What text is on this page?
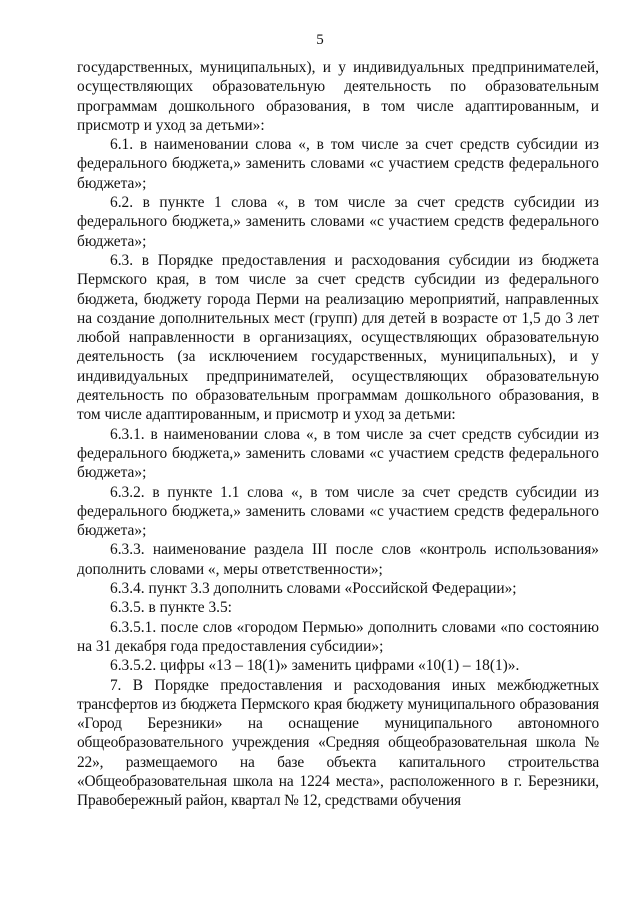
5

государственных, муниципальных), и у индивидуальных предпринимателей, осуществляющих образовательную деятельность по образовательным программам дошкольного образования, в том числе адаптированным, и присмотр и уход за детьми»:

6.1. в наименовании слова «, в том числе за счет средств субсидии из федерального бюджета,» заменить словами «с участием средств федерального бюджета»;

6.2. в пункте 1 слова «, в том числе за счет средств субсидии из федерального бюджета,» заменить словами «с участием средств федерального бюджета»;

6.3. в Порядке предоставления и расходования субсидии из бюджета Пермского края, в том числе за счет средств субсидии из федерального бюджета, бюджету города Перми на реализацию мероприятий, направленных на создание дополнительных мест (групп) для детей в возрасте от 1,5 до 3 лет любой направленности в организациях, осуществляющих образовательную деятельность (за исключением государственных, муниципальных), и у индивидуальных предпринимателей, осуществляющих образовательную деятельность по образовательным программам дошкольного образования, в том числе адаптированным, и присмотр и уход за детьми:

6.3.1. в наименовании слова «, в том числе за счет средств субсидии из федерального бюджета,» заменить словами «с участием средств федерального бюджета»;

6.3.2. в пункте 1.1 слова «, в том числе за счет средств субсидии из федерального бюджета,» заменить словами «с участием средств федерального бюджета»;

6.3.3. наименование раздела III после слов «контроль использования» дополнить словами «, меры ответственности»;

6.3.4. пункт 3.3 дополнить словами «Российской Федерации»;

6.3.5. в пункте 3.5:

6.3.5.1. после слов «городом Пермью» дополнить словами «по состоянию на 31 декабря года предоставления субсидии»;

6.3.5.2. цифры «13 – 18(1)» заменить цифрами «10(1) – 18(1)».

7. В Порядке предоставления и расходования иных межбюджетных трансфертов из бюджета Пермского края бюджету муниципального образования «Город Березники» на оснащение муниципального автономного общеобразовательного учреждения «Средняя общеобразовательная школа № 22», размещаемого на базе объекта капитального строительства «Общеобразовательная школа на 1224 места», расположенного в г. Березники, Правобережный район, квартал № 12, средствами обучения
